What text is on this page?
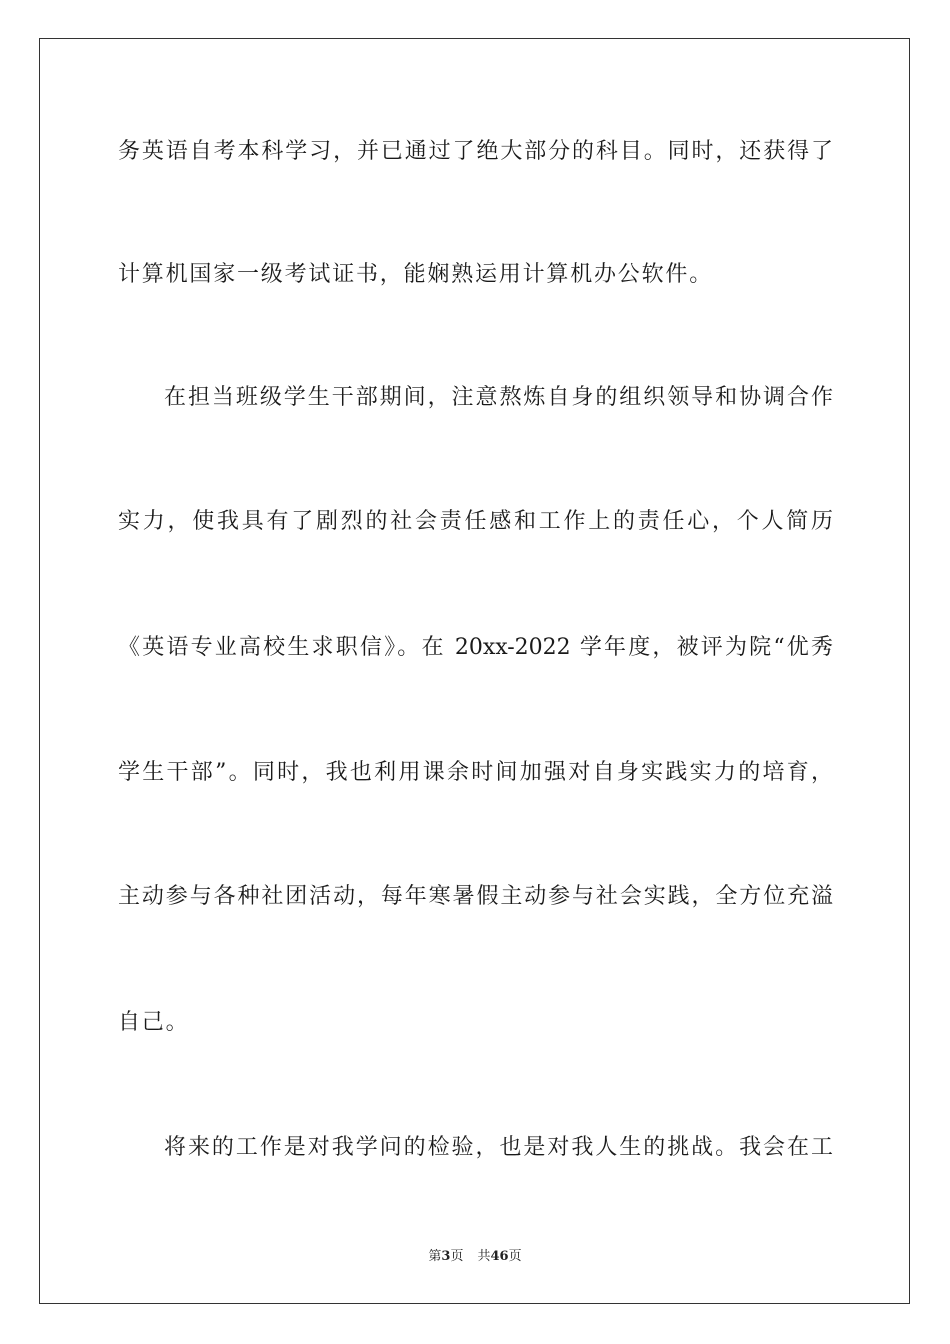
务英语自考本科学习，并已通过了绝大部分的科目。同时，还获得了
计算机国家一级考试证书，能娴熟运用计算机办公软件。
在担当班级学生干部期间，注意熬炼自身的组织领导和协调合作
实力，使我具有了剧烈的社会责任感和工作上的责任心，个人简历
《英语专业高校生求职信》。在 20xx-2022 学年度，被评为院“优秀
学生干部”。同时，我也利用课余时间加强对自身实践实力的培育，
主动参与各种社团活动，每年寒暑假主动参与社会实践，全方位充溢
自己。
将来的工作是对我学问的检验，也是对我人生的挑战。我会在工
第3页 共46页
